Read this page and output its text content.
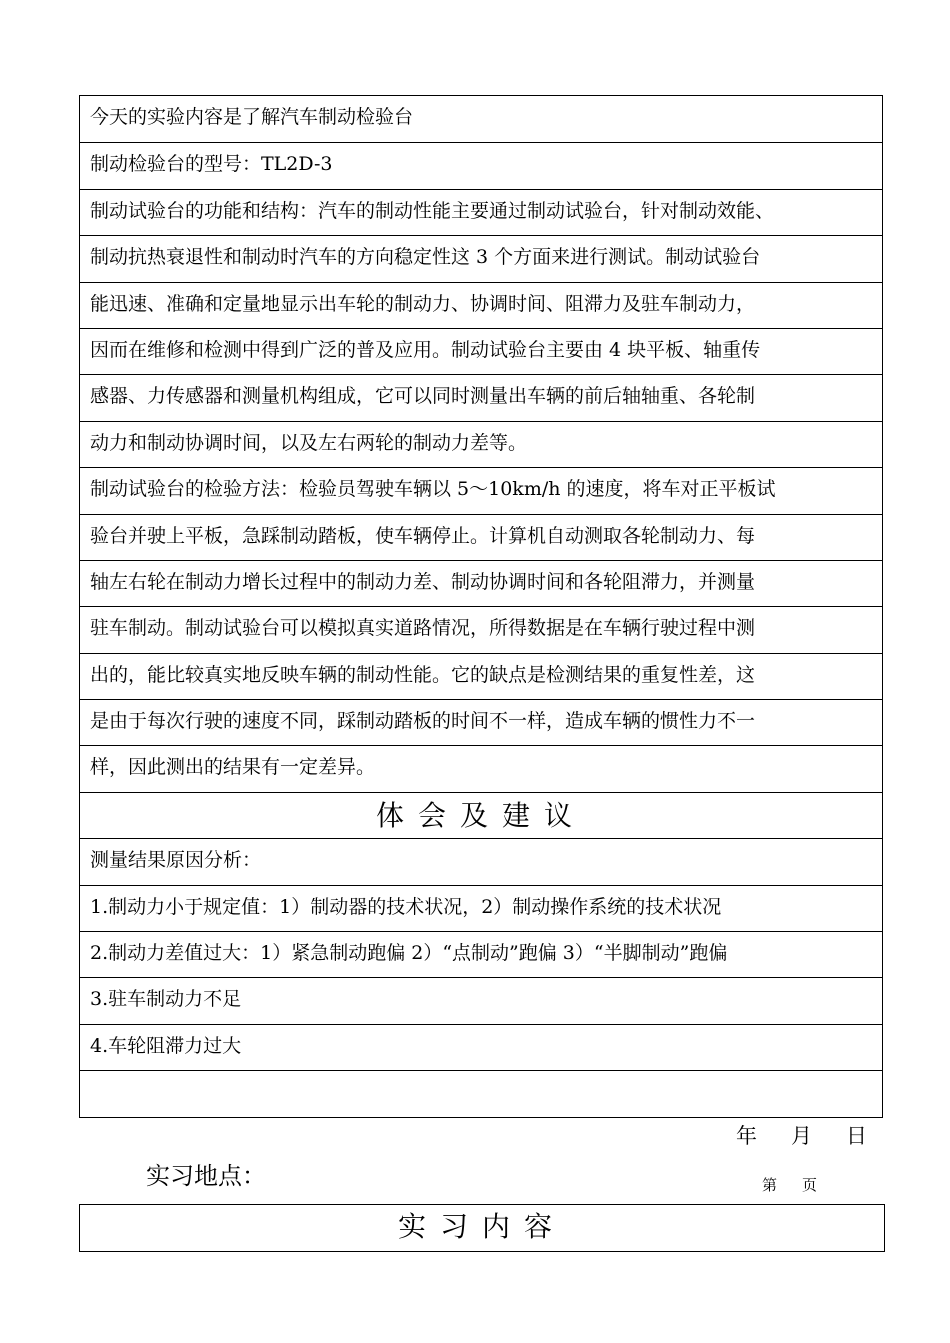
今天的实验内容是了解汽车制动检验台
制动检验台的型号：TL2D-3
制动试验台的功能和结构：汽车的制动性能主要通过制动试验台，针对制动效能、
制动抗热衰退性和制动时汽车的方向稳定性这 3 个方面来进行测试。制动试验台
能迅速、准确和定量地显示出车轮的制动力、协调时间、阻滞力及驻车制动力，
因而在维修和检测中得到广泛的普及应用。制动试验台主要由 4 块平板、轴重传
感器、力传感器和测量机构组成，它可以同时测量出车辆的前后轴轴重、各轮制
动力和制动协调时间，以及左右两轮的制动力差等。
制动试验台的检验方法：检验员驾驶车辆以 5～10km/h 的速度，将车对正平板试
验台并驶上平板，急踩制动踏板，使车辆停止。计算机自动测取各轮制动力、每
轴左右轮在制动力增长过程中的制动力差、制动协调时间和各轮阻滞力，并测量
驻车制动。制动试验台可以模拟真实道路情况，所得数据是在车辆行驶过程中测
出的，能比较真实地反映车辆的制动性能。它的缺点是检测结果的重复性差，这
是由于每次行驶的速度不同，踩制动踏板的时间不一样，造成车辆的惯性力不一
样，因此测出的结果有一定差异。
体会及建议
测量结果原因分析：
1.制动力小于规定值：1）制动器的技术状况，2）制动操作系统的技术状况
2.制动力差值过大：1）紧急制动跑偏 2）“点制动”跑偏 3）“半脚制动”跑偏
3.驻车制动力不足
4.车轮阻滞力过大
年 月 日
实习地点：	第 页
实习内容
